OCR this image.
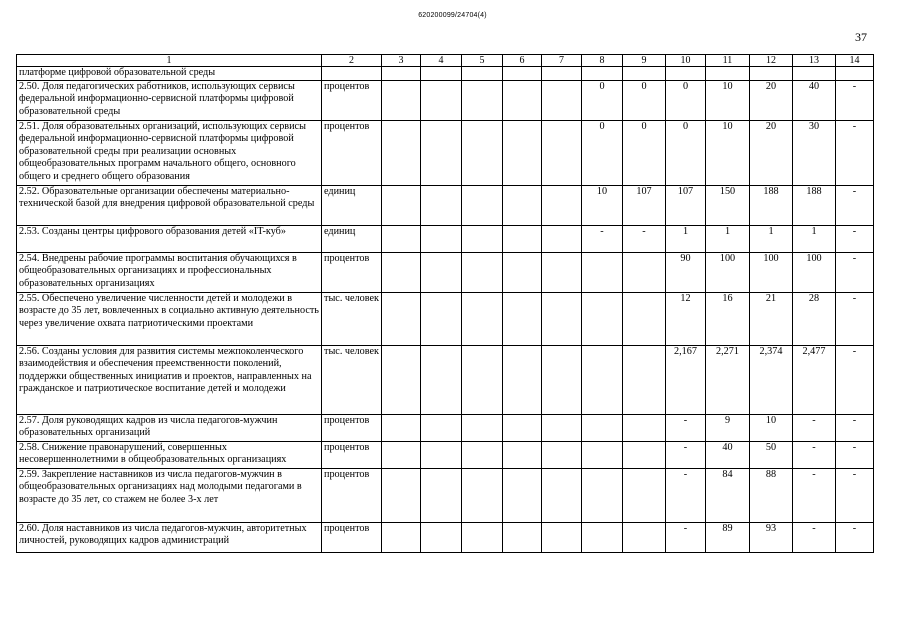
620200099/24704(4)
37
1	2	3	4	5	6	7	8	9	10	11	12	13	14
платформе цифровой образовательной среды													
2.50. Доля педагогических работников, использующих сервисы федеральной информационно-сервисной платформы цифровой образовательной среды	процентов						0	0	0	10	20	40	-
2.51. Доля образовательных организаций, использующих сервисы федеральной информационно-сервисной платформы цифровой образовательной среды при реализации основных общеобразовательных программ начального общего, основного общего и среднего общего образования	процентов						0	0	0	10	20	30	-
2.52. Образовательные организации обеспечены материально-технической базой для внедрения цифровой образовательной среды	единиц						10	107	107	150	188	188	-
2.53. Созданы центры цифрового образования детей «IT-куб»	единиц						-	-	1	1	1	1	-
2.54. Внедрены рабочие программы воспитания обучающихся в общеобразовательных организациях и профессиональных образовательных организациях	процентов								90	100	100	100	-
2.55. Обеспечено увеличение численности детей и молодежи в возрасте до 35 лет, вовлеченных в социально активную деятельность через увеличение охвата патриотическими проектами	тыс. человек								12	16	21	28	-
2.56. Созданы условия для развития системы межпоколенческого взаимодействия и обеспечения преемственности поколений, поддержки общественных инициатив и проектов, направленных на гражданское и патриотическое воспитание детей и молодежи	тыс. человек								2,167	2,271	2,374	2,477	-
2.57. Доля руководящих кадров из числа педагогов-мужчин образовательных организаций	процентов								-	9	10	-	-
2.58. Снижение правонарушений, совершенных несовершеннолетними в общеобразовательных организациях	процентов								-	40	50	-	-
2.59. Закрепление наставников из числа педагогов-мужчин в общеобразовательных организациях над молодыми педагогами в возрасте до 35 лет, со стажем не более 3-х лет	процентов								-	84	88	-	-
2.60. Доля наставников из числа педагогов-мужчин, авторитетных личностей, руководящих кадров администраций	процентов								-	89	93	-	-
